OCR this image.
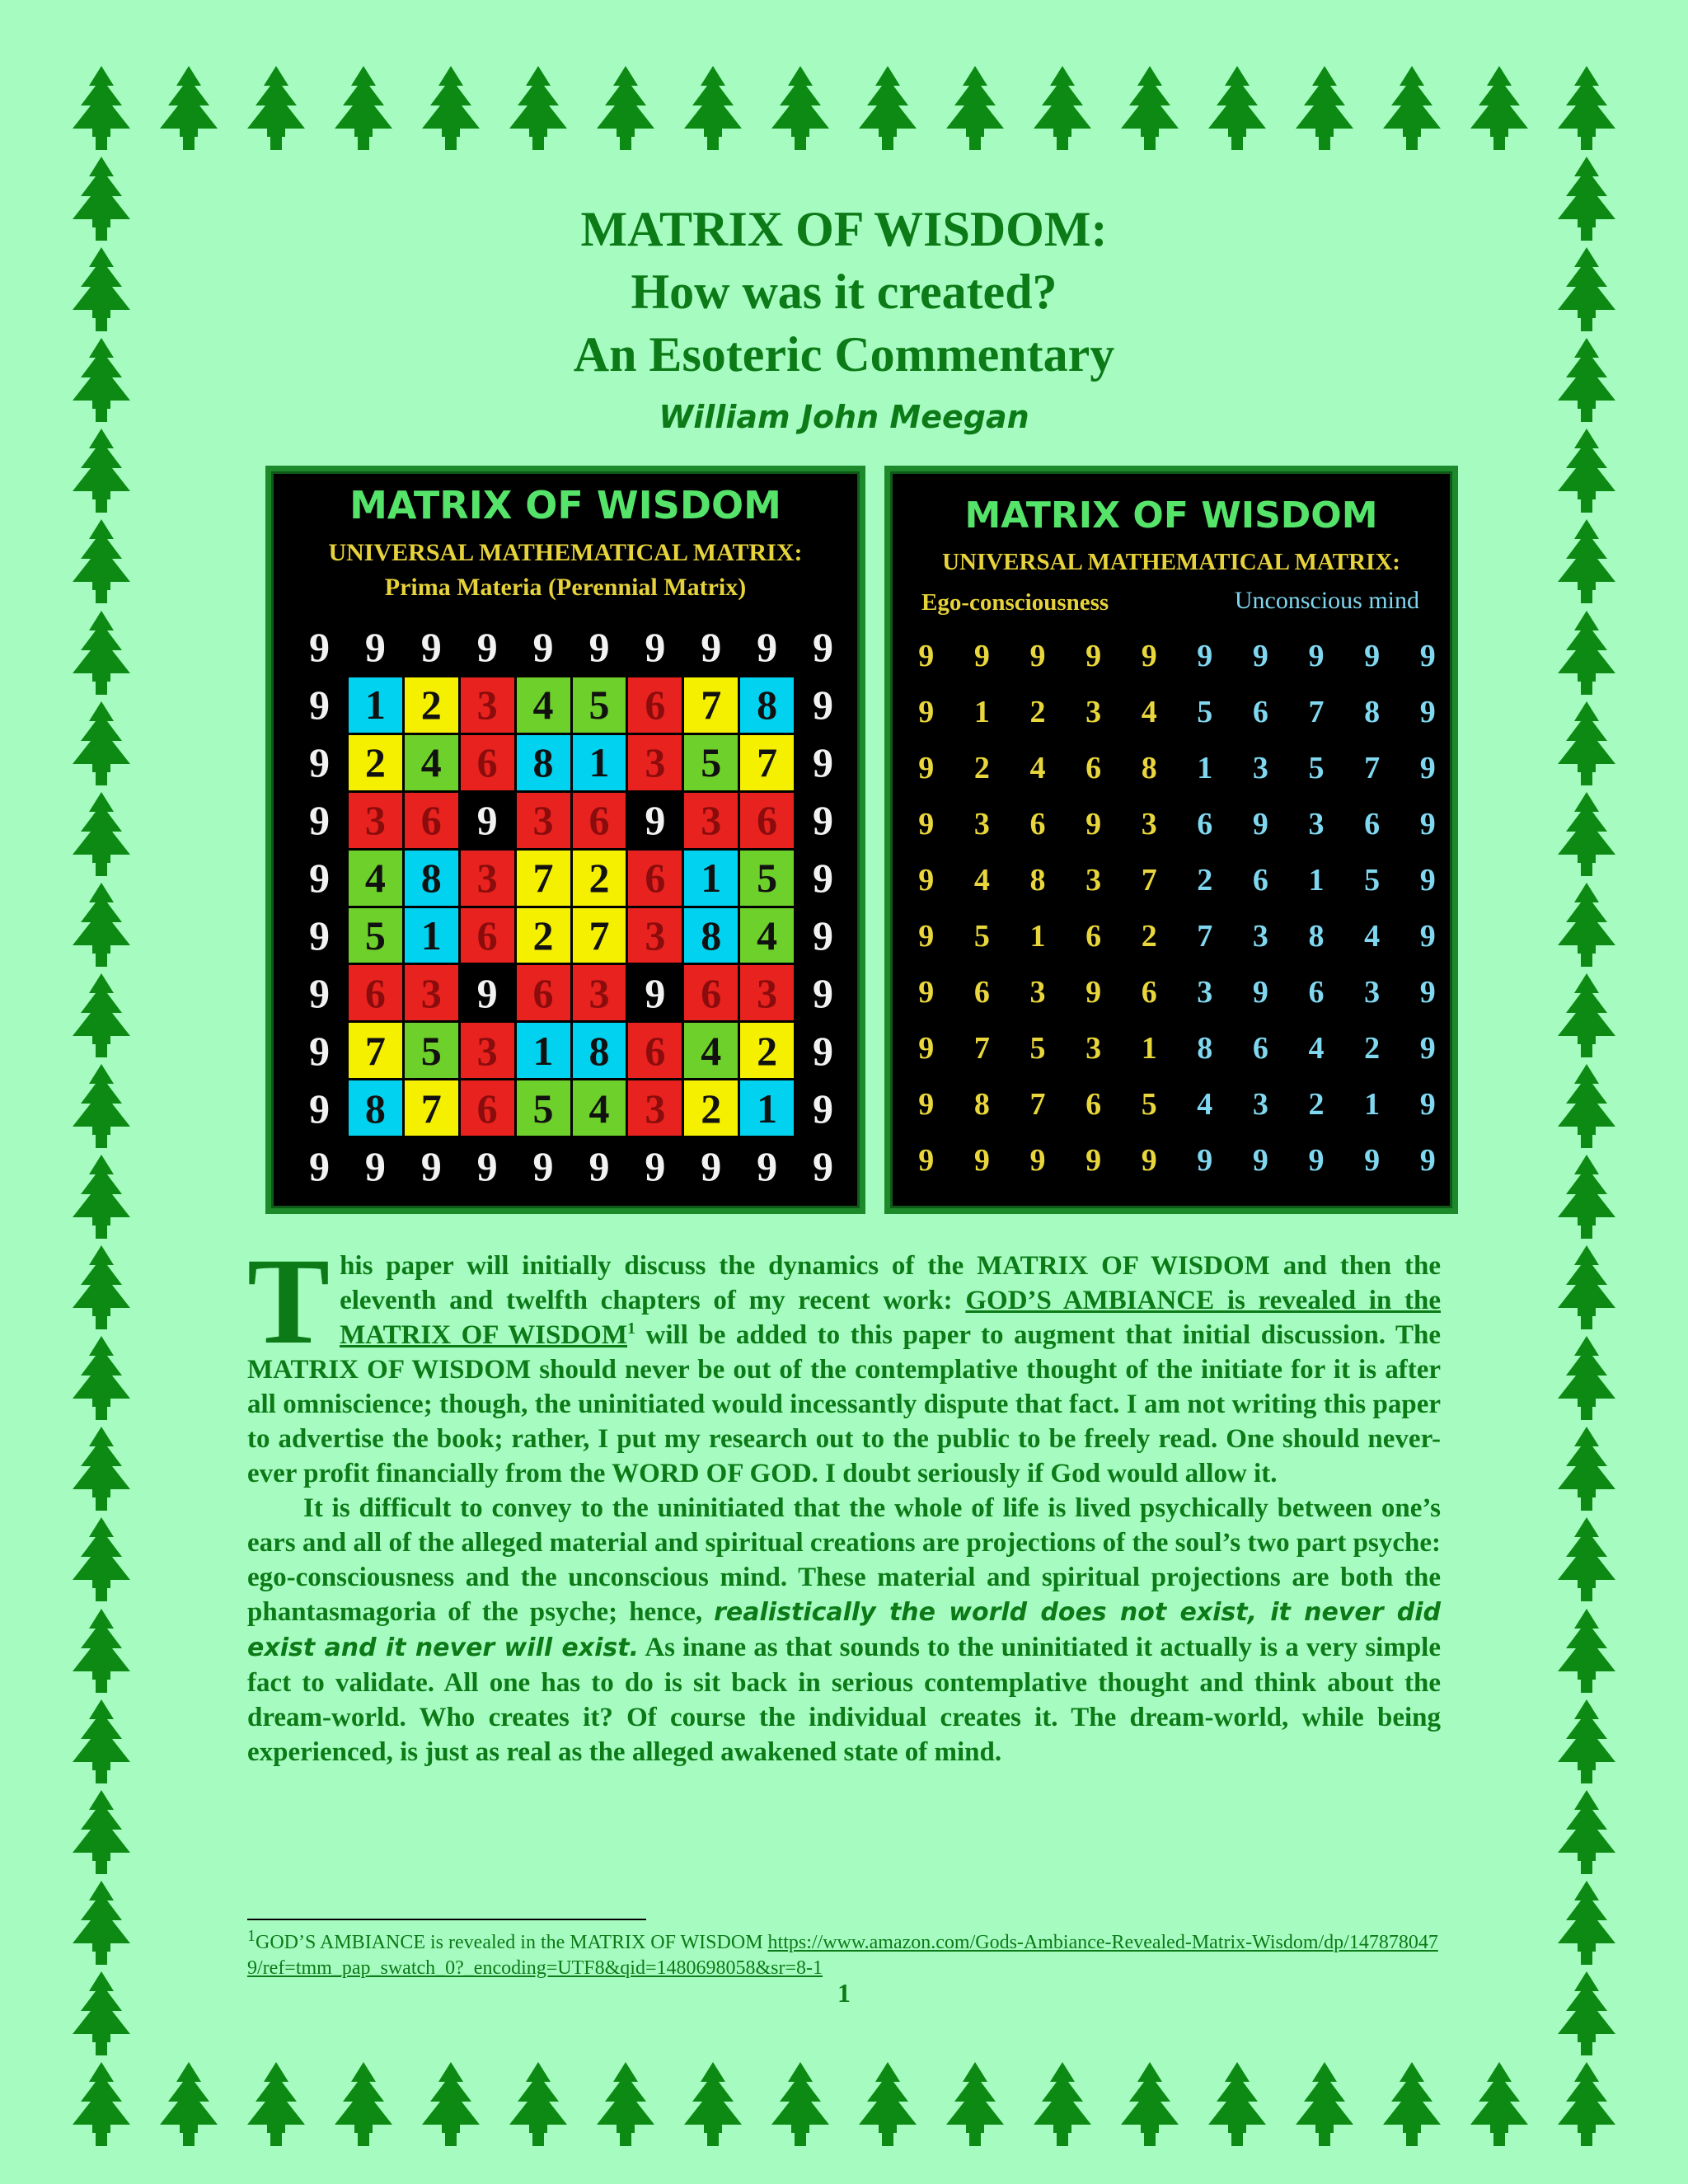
MATRIX OF WISDOM:
How was it created?
An Esoteric Commentary
William John Meegan
MATRIX OF WISDOM
UNIVERSAL MATHEMATICAL MATRIX:
Prima Materia (Perennial Matrix)
9 9 9 9 9 9 9 9 9 9
9 1 2 3 4 5 6 7 8 9
9 2 4 6 8 1 3 5 7 9
9 3 6 9 3 6 9 3 6 9
9 4 8 3 7 2 6 1 5 9
9 5 1 6 2 7 3 8 4 9
9 6 3 9 6 3 9 6 3 9
9 7 5 3 1 8 6 4 2 9
9 8 7 6 5 4 3 2 1 9
9 9 9 9 9 9 9 9 9 9
MATRIX OF WISDOM
UNIVERSAL MATHEMATICAL MATRIX:
Ego-consciousness	Unconscious mind
9	9	9	9	9	9	9	9	9	9
9	1	2	3	4	5	6	7	8	9
9	2	4	6	8	1	3	5	7	9
9	3	6	9	3	6	9	3	6	9
9	4	8	3	7	2	6	1	5	9
9	5	1	6	2	7	3	8	4	9
9	6	3	9	6	3	9	6	3	9
9	7	5	3	1	8	6	4	2	9
9	8	7	6	5	4	3	2	1	9
9	9	9	9	9	9	9	9	9	9

This paper will initially discuss the dynamics of the MATRIX OF WISDOM and then the eleventh and twelfth chapters of my recent work: GOD’S AMBIANCE is revealed in the MATRIX OF WISDOM$^1$ will be added to this paper to augment that initial discussion. The MATRIX OF WISDOM should never be out of the contemplative thought of the initiate for it is after all omniscience; though, the uninitiated would incessantly dispute that fact. I am not writing this paper to advertise the book; rather, I put my research out to the public to be freely read. One should never-ever profit financially from the WORD OF GOD. I doubt seriously if God would allow it.

It is difficult to convey to the uninitiated that the whole of life is lived psychically between one’s ears and all of the alleged material and spiritual creations are projections of the soul’s two part psyche: ego-consciousness and the unconscious mind. These material and spiritual projections are both the phantasmagoria of the psyche; hence, realistically the world does not exist, it never did exist and it never will exist. As inane as that sounds to the uninitiated it actually is a very simple fact to validate. All one has to do is sit back in serious contemplative thought and think about the dream-world. Who creates it? Of course the individual creates it. The dream-world, while being experienced, is just as real as the alleged awakened state of mind.

$^1$GOD’S AMBIANCE is revealed in the MATRIX OF WISDOM https://www.amazon.com/Gods-Ambiance-Revealed-Matrix-Wisdom/dp/1478780479/ref=tmm_pap_swatch_0?_encoding=UTF8&qid=1480698058&sr=8-1
1
